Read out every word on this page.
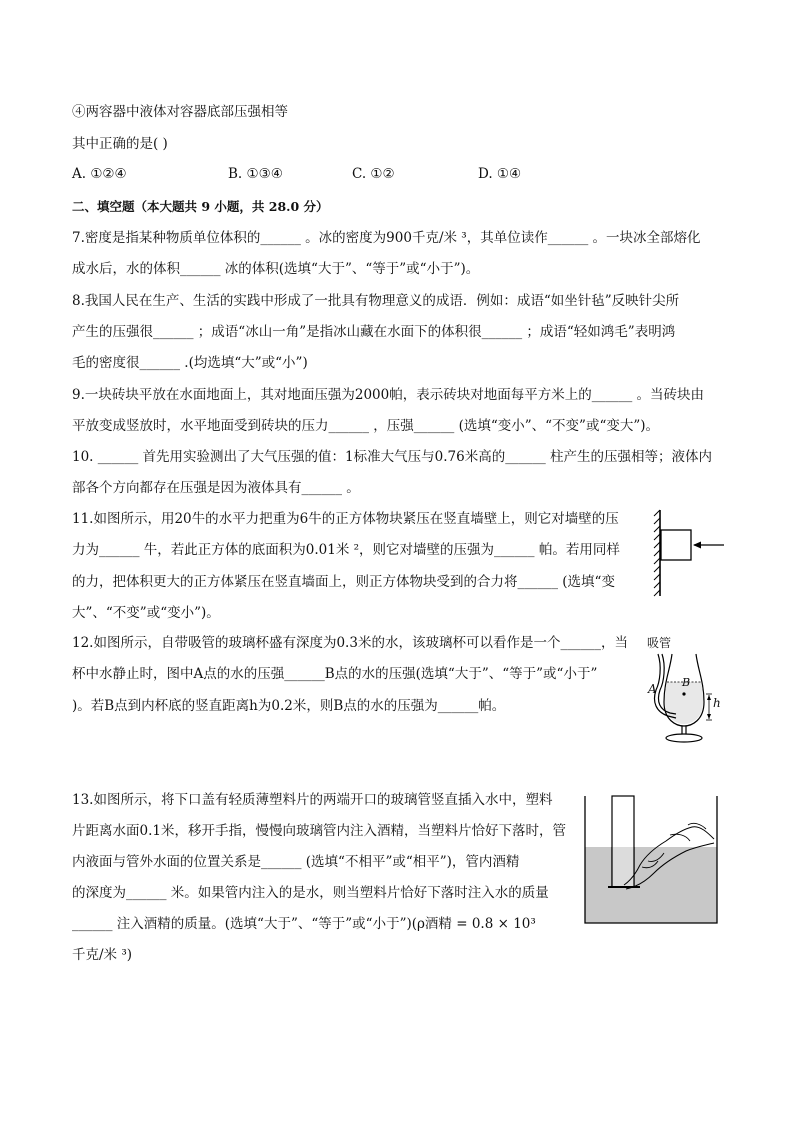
④两容器中液体对容器底部压强相等
其中正确的是( )
A. ①②④	B. ①③④	C. ①②	D. ①④
二、填空题（本大题共 9 小题，共 28.0 分）
7.密度是指某种物质单位体积的______ 。冰的密度为900千克/米 ³，其单位读作______ 。一块冰全部熔化
成水后，水的体积______ 冰的体积(选填“大于”、“等于”或“小于”)。
8.我国人民在生产、生活的实践中形成了一批具有物理意义的成语．例如：成语“如坐针毡”反映针尖所
产生的压强很______ ；成语“冰山一角”是指冰山藏在水面下的体积很______ ；成语“轻如鸿毛”表明鸿
毛的密度很______ .(均选填“大”或“小”)
9.一块砖块平放在水面地面上，其对地面压强为2000帕，表示砖块对地面每平方米上的______ 。当砖块由
平放变成竖放时，水平地面受到砖块的压力______ ，压强______ (选填“变小”、“不变”或“变大”)。
10. ______ 首先用实验测出了大气压强的值：1标准大气压与0.76米高的______ 柱产生的压强相等；液体内
部各个方向都存在压强是因为液体具有______ 。
11.如图所示，用20牛的水平力把重为6牛的正方体物块紧压在竖直墙壁上，则它对墙壁的压
力为______ 牛，若此正方体的底面积为0.01米 ²，则它对墙壁的压强为______ 帕。若用同样
的力，把体积更大的正方体紧压在竖直墙面上，则正方体物块受到的合力将______ (选填“变
大”、“不变”或“变小”)。
12.如图所示，自带吸管的玻璃杯盛有深度为0.3米的水，该玻璃杯可以看作是一个______，当
杯中水静止时，图中A点的水的压强______B点的水的压强(选填“大于”、“等于”或“小于”
)。若B点到内杯底的竖直距离h为0.2米，则B点的水的压强为______帕。
吸管
A B
h
13.如图所示，将下口盖有轻质薄塑料片的两端开口的玻璃管竖直插入水中，塑料
片距离水面0.1米，移开手指，慢慢向玻璃管内注入酒精，当塑料片恰好下落时，管
内液面与管外水面的位置关系是______ (选填“不相平”或“相平”)，管内酒精
的深度为______ 米。如果管内注入的是水，则当塑料片恰好下落时注入水的质量
______ 注入酒精的质量。(选填“大于”、“等于”或“小于”)(ρ酒精 = 0.8 × 10³
千克/米 ³)
